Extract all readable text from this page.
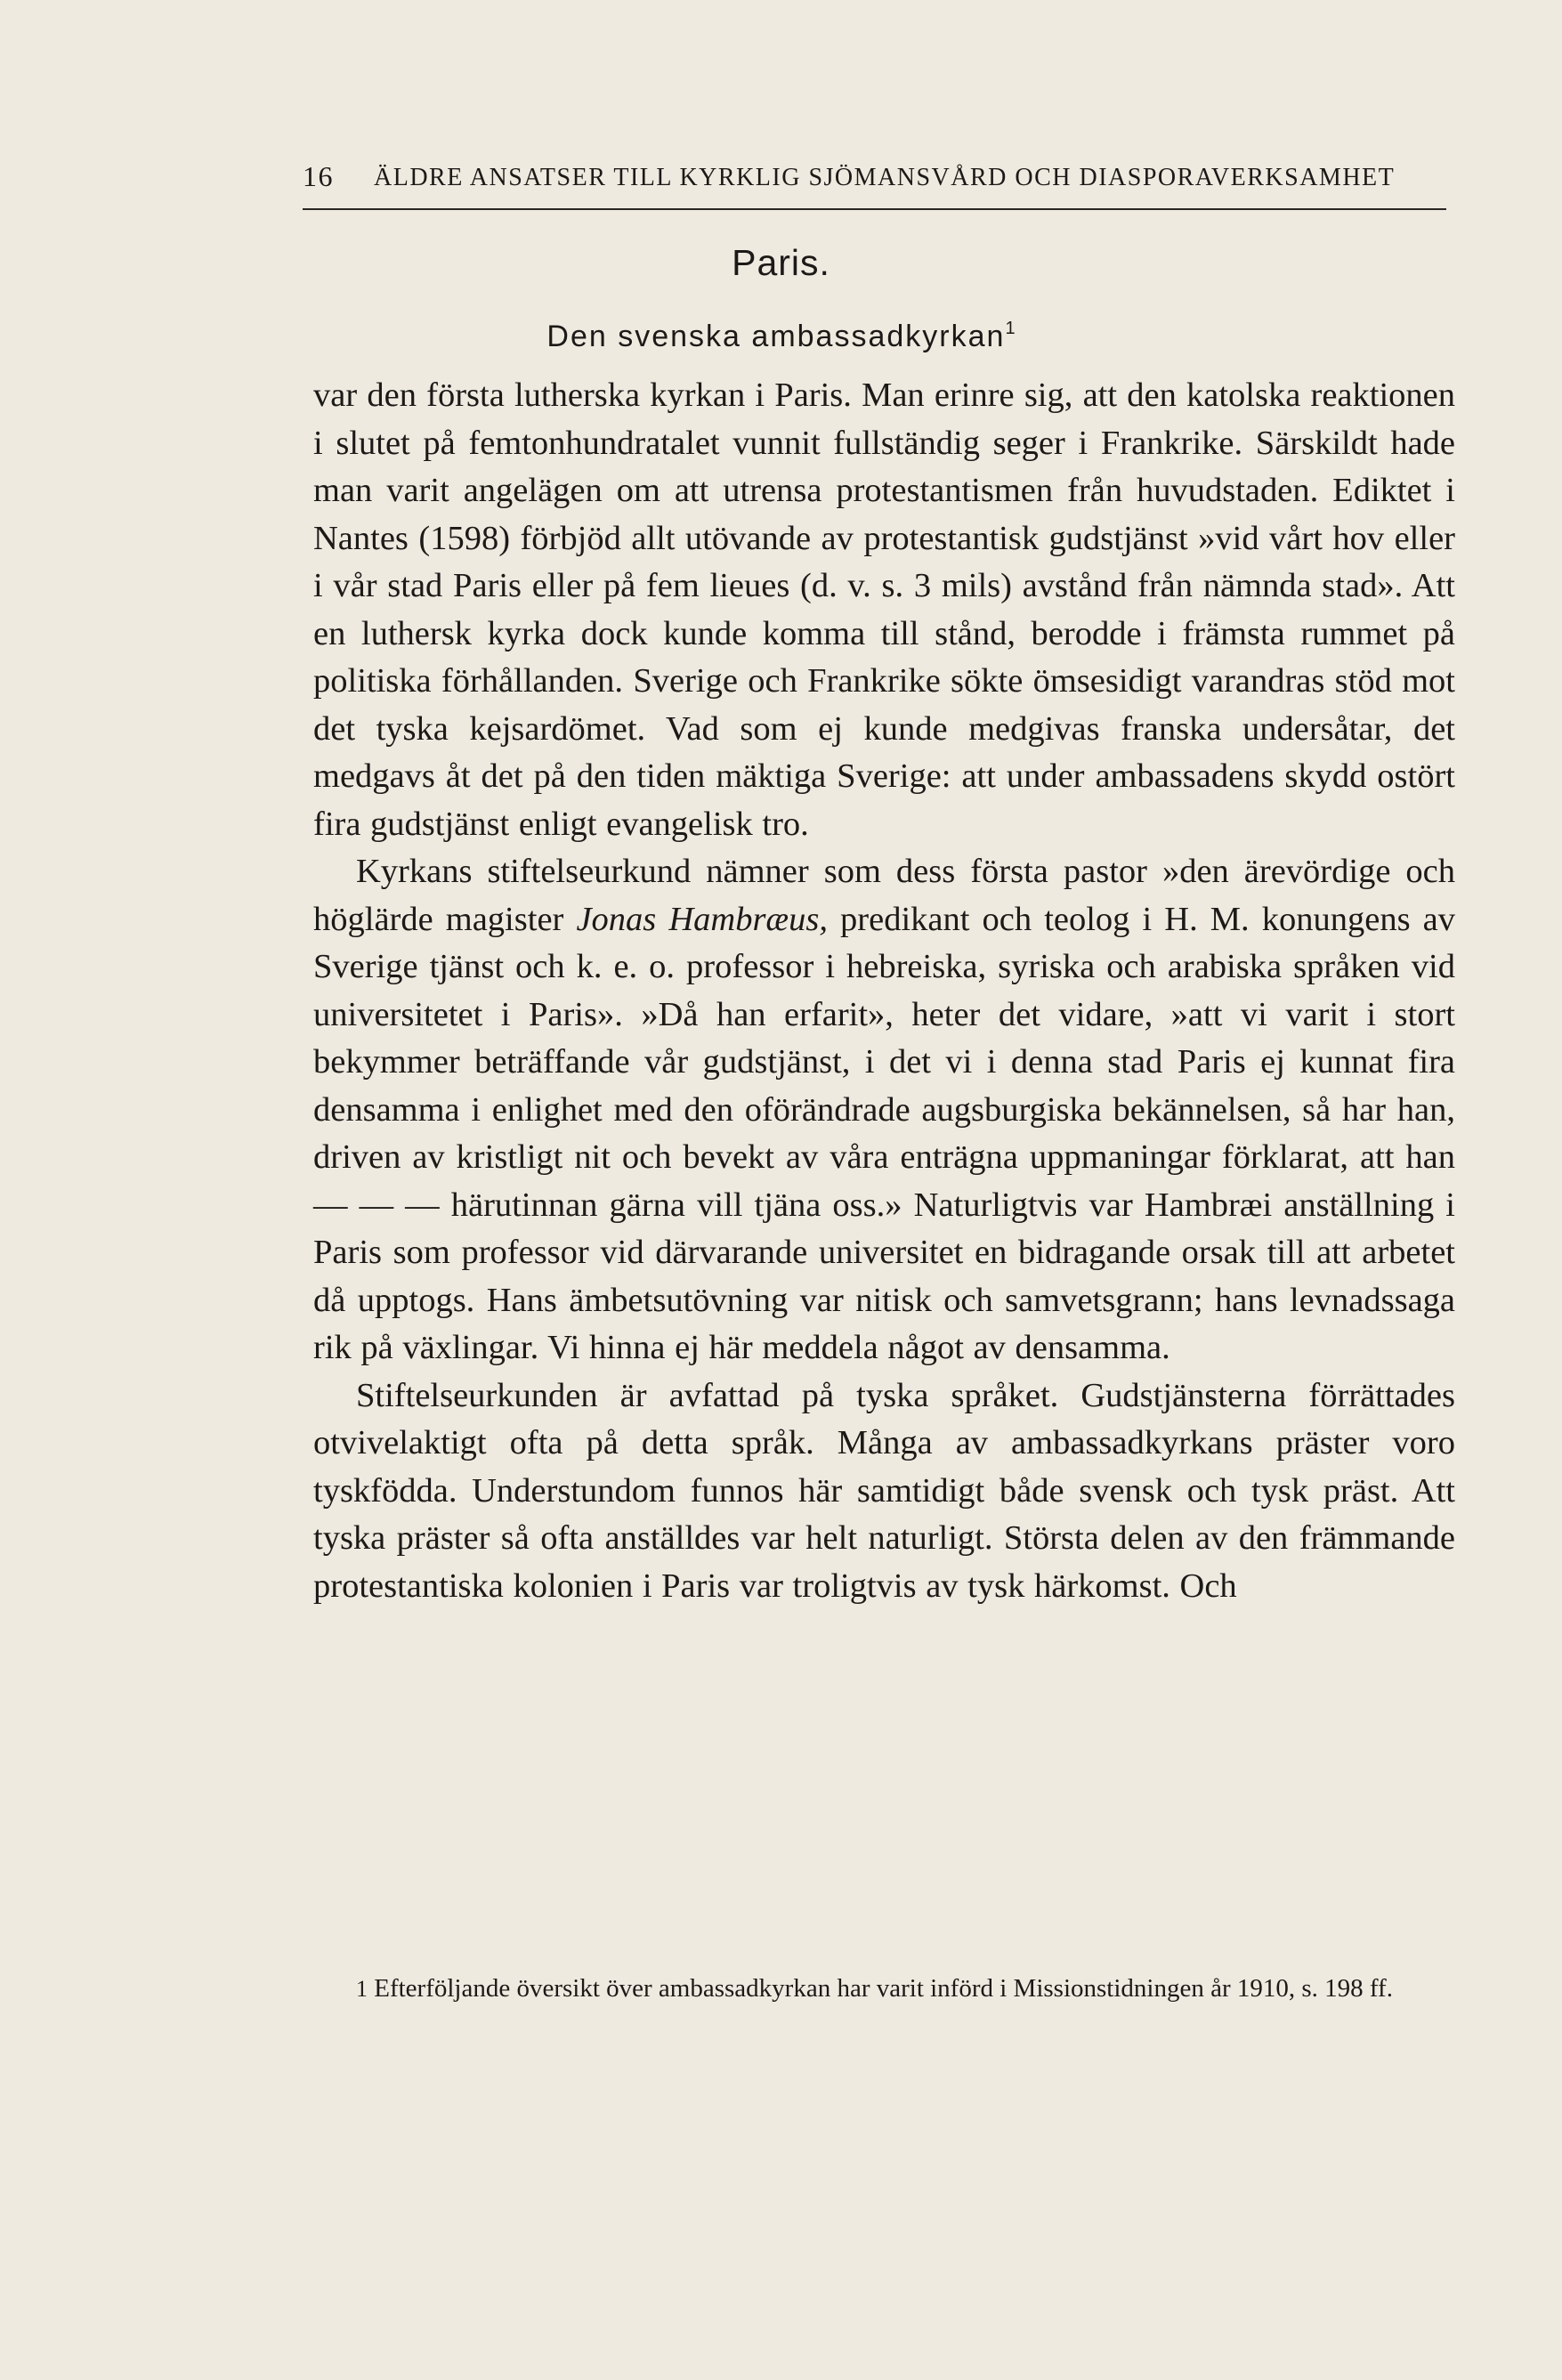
16 ÄLDRE ANSATSER TILL KYRKLIG SJÖMANSVÅRD OCH DIASPORAVERKSAMHET
Paris.
Den svenska ambassadkyrkan$^1$

var den första lutherska kyrkan i Paris. Man erinre sig, att den katolska reaktionen i slutet på femtonhundratalet vunnit fullständig seger i Frankrike. Särskildt hade man varit angelägen om att utrensa protestantismen från huvudstaden. Ediktet i Nantes (1598) förbjöd allt utövande av protestantisk gudstjänst »vid vårt hov eller i vår stad Paris eller på fem lieues (d. v. s. 3 mils) avstånd från nämnda stad». Att en luthersk kyrka dock kunde komma till stånd, berodde i främsta rummet på politiska förhållanden. Sverige och Frankrike sökte ömsesidigt varandras stöd mot det tyska kejsardömet. Vad som ej kunde medgivas franska undersåtar, det medgavs åt det på den tiden mäktiga Sverige: att under ambassadens skydd ostört fira gudstjänst enligt evangelisk tro.

Kyrkans stiftelseurkund nämner som dess första pastor »den ärevördige och höglärde magister Jonas Hambræus, predikant och teolog i H. M. konungens av Sverige tjänst och k. e. o. professor i hebreiska, syriska och arabiska språken vid universitetet i Paris». »Då han erfarit», heter det vidare, »att vi varit i stort bekymmer beträffande vår gudstjänst, i det vi i denna stad Paris ej kunnat fira densamma i enlighet med den oförändrade augsburgiska bekännelsen, så har han, driven av kristligt nit och bevekt av våra enträgna uppmaningar förklarat, att han — — — härutinnan gärna vill tjäna oss.» Naturligtvis var Hambræi anställning i Paris som professor vid därvarande universitet en bidragande orsak till att arbetet då upptogs. Hans ämbetsutövning var nitisk och samvetsgrann; hans levnadssaga rik på växlingar. Vi hinna ej här meddela något av densamma.

Stiftelseurkunden är avfattad på tyska språket. Gudstjänsterna förrättades otvivelaktigt ofta på detta språk. Många av ambassadkyrkans präster voro tyskfödda. Understundom funnos här samtidigt både svensk och tysk präst. Att tyska präster så ofta anställdes var helt naturligt. Största delen av den främmande protestantiska kolonien i Paris var troligtvis av tysk härkomst. Och

1 Efterföljande översikt över ambassadkyrkan har varit införd i Missionstidningen år 1910, s. 198 ff.
